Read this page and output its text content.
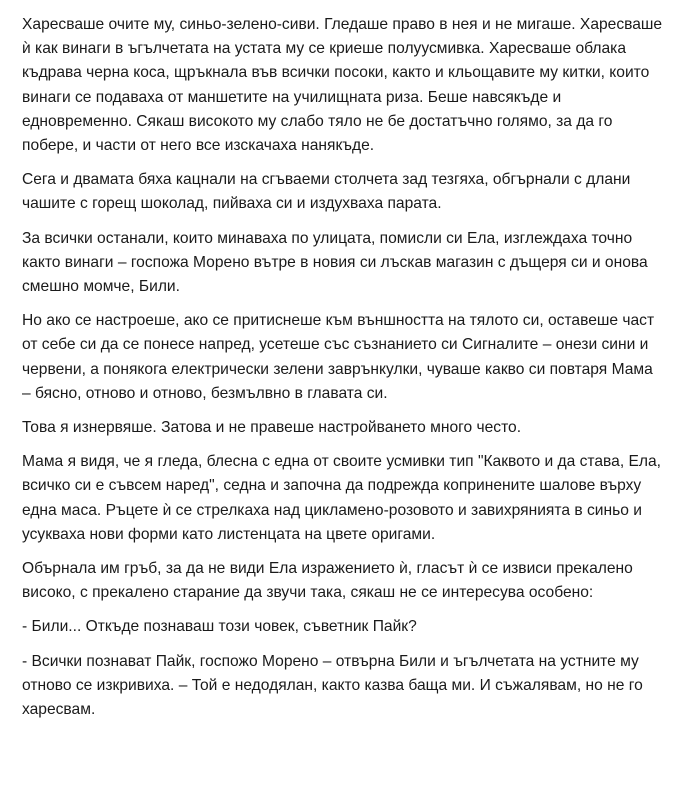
Харесваше очите му, синьо-зелено-сиви. Гледаше право в нея и не мигаше. Харесваше ѝ как винаги в ъгълчетата на устата му се криеше полуусмивка. Харесваше облака къдрава черна коса, щръкнала във всички посоки, както и кльощавите му китки, които винаги се подаваха от маншетите на училищната риза. Беше навсякъде и едновременно. Сякаш високото му слабо тяло не бе достатъчно голямо, за да го побере, и части от него все изскачаха нанякъде.

Сега и двамата бяха кацнали на сгъваеми столчета зад тезгяха, обгърнали с длани чашите с горещ шоколад, пийваха си и издухваха парата.

За всички останали, които минаваха по улицата, помисли си Ела, изглеждаха точно както винаги – госпожа Морено вътре в новия си лъскав магазин с дъщеря си и онова смешно момче, Били.

Но ако се настроеше, ако се притиснеше към външността на тялото си, оставеше част от себе си да се понесе напред, усетеше със съзнанието си Сигналите – онези сини и червени, а понякога електрически зелени заврънкулки, чуваше какво си повтаря Мама – бясно, отново и отново, безмълвно в главата си.

Това я изнервяше. Затова и не правеше настройването много често.

Мама я видя, че я гледа, блесна с една от своите усмивки тип "Каквото и да става, Ела, всичко си е съвсем наред", седна и започна да подрежда копринените шалове върху една маса. Ръцете ѝ се стрелкаха над цикламено-розовото и завихрянията в синьо и усукваха нови форми като листенцата на цвете оригами.

Обърнала им гръб, за да не види Ела изражението ѝ, гласът ѝ се извиси прекалено високо, с прекалено старание да звучи така, сякаш не се интересува особено:

- Били... Откъде познаваш този човек, съветник Пайк?

- Всички познават Пайк, госпожо Морено – отвърна Били и ъгълчетата на устните му отново се изкривиха. – Той е недодялан, както казва баща ми. И съжалявам, но не го харесвам.
